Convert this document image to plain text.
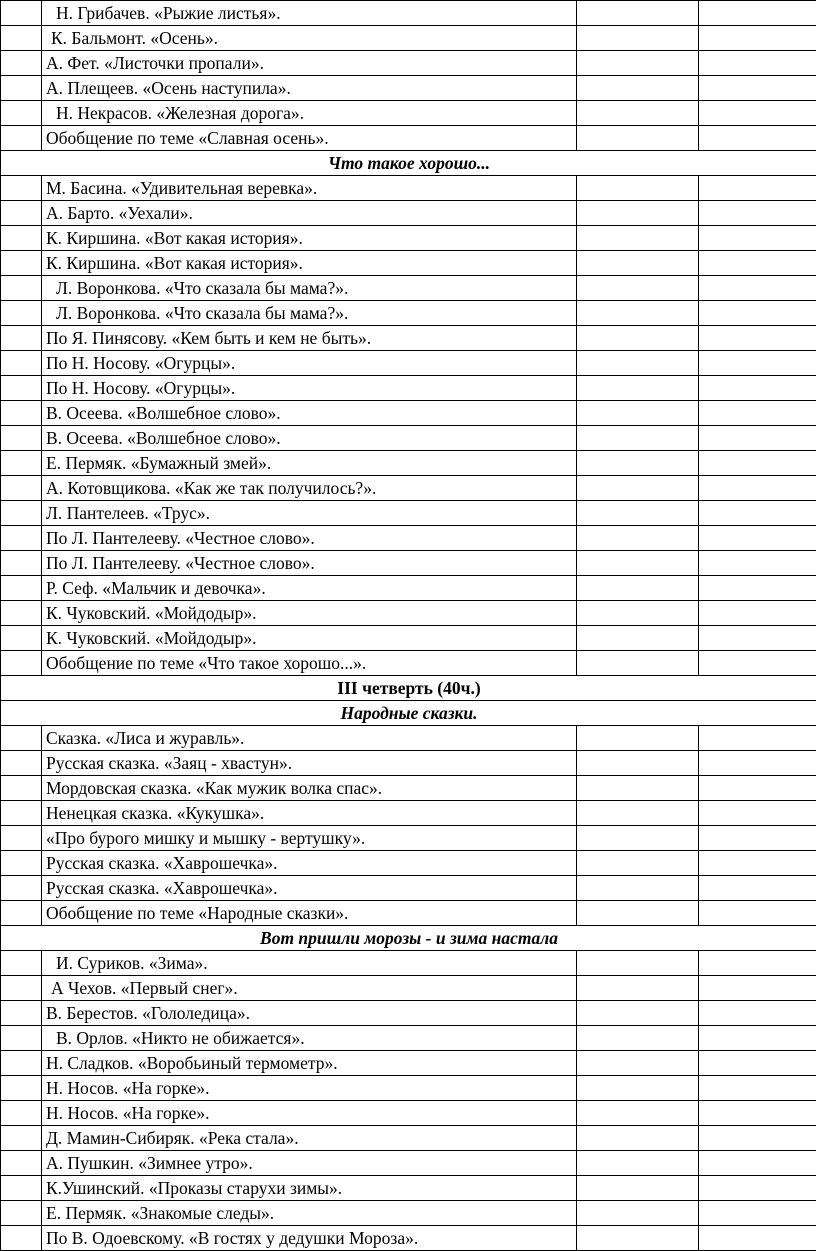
	Н. Грибачев. «Рыжие листья».		
	К. Бальмонт. «Осень».		
	А. Фет. «Листочки пропали».		
	А. Плещеев. «Осень наступила».		
	Н. Некрасов. «Железная дорога».		
	Обобщение по теме «Славная осень».		
Что такое хорошо...			
	М. Басина. «Удивительная веревка».		
	А. Барто. «Уехали».		
	К. Киршина. «Вот какая история».		
	К. Киршина. «Вот какая история».		
	Л. Воронкова. «Что сказала бы мама?».		
	Л. Воронкова. «Что сказала бы мама?».		
	По Я. Пинясову. «Кем быть и кем не быть».		
	По Н. Носову. «Огурцы».		
	По Н. Носову. «Огурцы».		
	В. Осеева. «Волшебное слово».		
	В. Осеева. «Волшебное слово».		
	Е. Пермяк. «Бумажный змей».		
	А. Котовщикова. «Как же так получилось?».		
	Л. Пантелеев. «Трус».		
	По Л. Пантелееву. «Честное слово».		
	По Л. Пантелееву. «Честное слово».		
	Р. Сеф. «Мальчик и девочка».		
	К. Чуковский. «Мойдодыр».		
	К. Чуковский. «Мойдодыр».		
	Обобщение по теме «Что такое хорошо...».		
III четверть (40ч.)			
Народные сказки.			
	Сказка. «Лиса и журавль».		
	Русская сказка. «Заяц - хвастун».		
	Мордовская сказка. «Как мужик волка спас».		
	Ненецкая сказка. «Кукушка».		
	«Про бурого мишку и мышку - вертушку».		
	Русская сказка. «Хаврошечка».		
	Русская сказка. «Хаврошечка».		
	Обобщение по теме «Народные сказки».		
Вот пришли морозы - и зима настала			
	И. Суриков. «Зима».		
	А Чехов. «Первый снег».		
	В. Берестов. «Гололедица».		
	В. Орлов. «Никто не обижается».		
	Н. Сладков. «Воробьиный термометр».		
	Н. Носов. «На горке».		
	Н. Носов. «На горке».		
	Д. Мамин-Сибиряк. «Река стала».		
	А. Пушкин. «Зимнее утро».		
	К.Ушинский. «Проказы старухи зимы».		
	Е. Пермяк. «Знакомые следы».		
	По В. Одоевскому. «В гостях у дедушки Мороза».		
